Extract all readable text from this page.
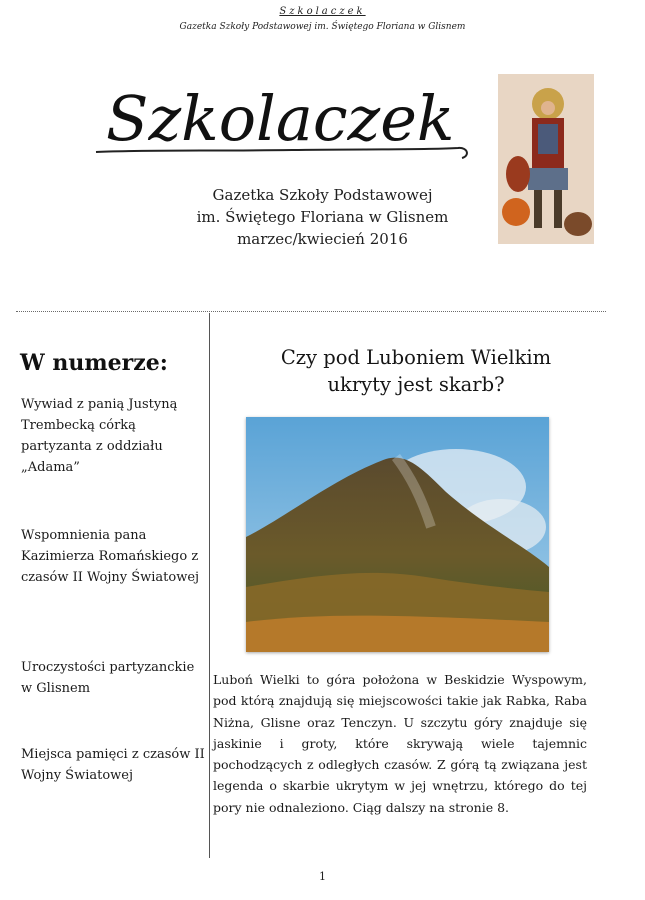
Szkolaczek
Gazetka Szkoły Podstawowej im. Świętego Floriana w Glisnem
Szkolaczek
Gazetka Szkoły Podstawowej
im. Świętego Floriana w Glisnem
marzec/kwiecień 2016
W numerze:
Wywiad z panią Justyną Trembecką córką partyzanta z oddziału „Adama”
Wspomnienia pana Kazimierza Romańskiego z czasów II Wojny Światowej
Uroczystości partyzanckie w Glisnem
Miejsca pamięci z czasów II Wojny Światowej
Czy pod Luboniem Wielkim
ukryty jest skarb?
Luboń Wielki to góra położona w Beskidzie Wyspowym, pod którą znajdują się miejscowości takie jak Rabka, Raba Niżna, Glisne oraz Tenczyn. U szczytu góry znajduje się jaskinie i groty, które skrywają wiele tajemnic pochodzących z odległych czasów. Z górą tą związana jest legenda o skarbie ukrytym w jej wnętrzu, którego do tej pory nie odnaleziono. Ciąg dalszy na stronie 8.
1
